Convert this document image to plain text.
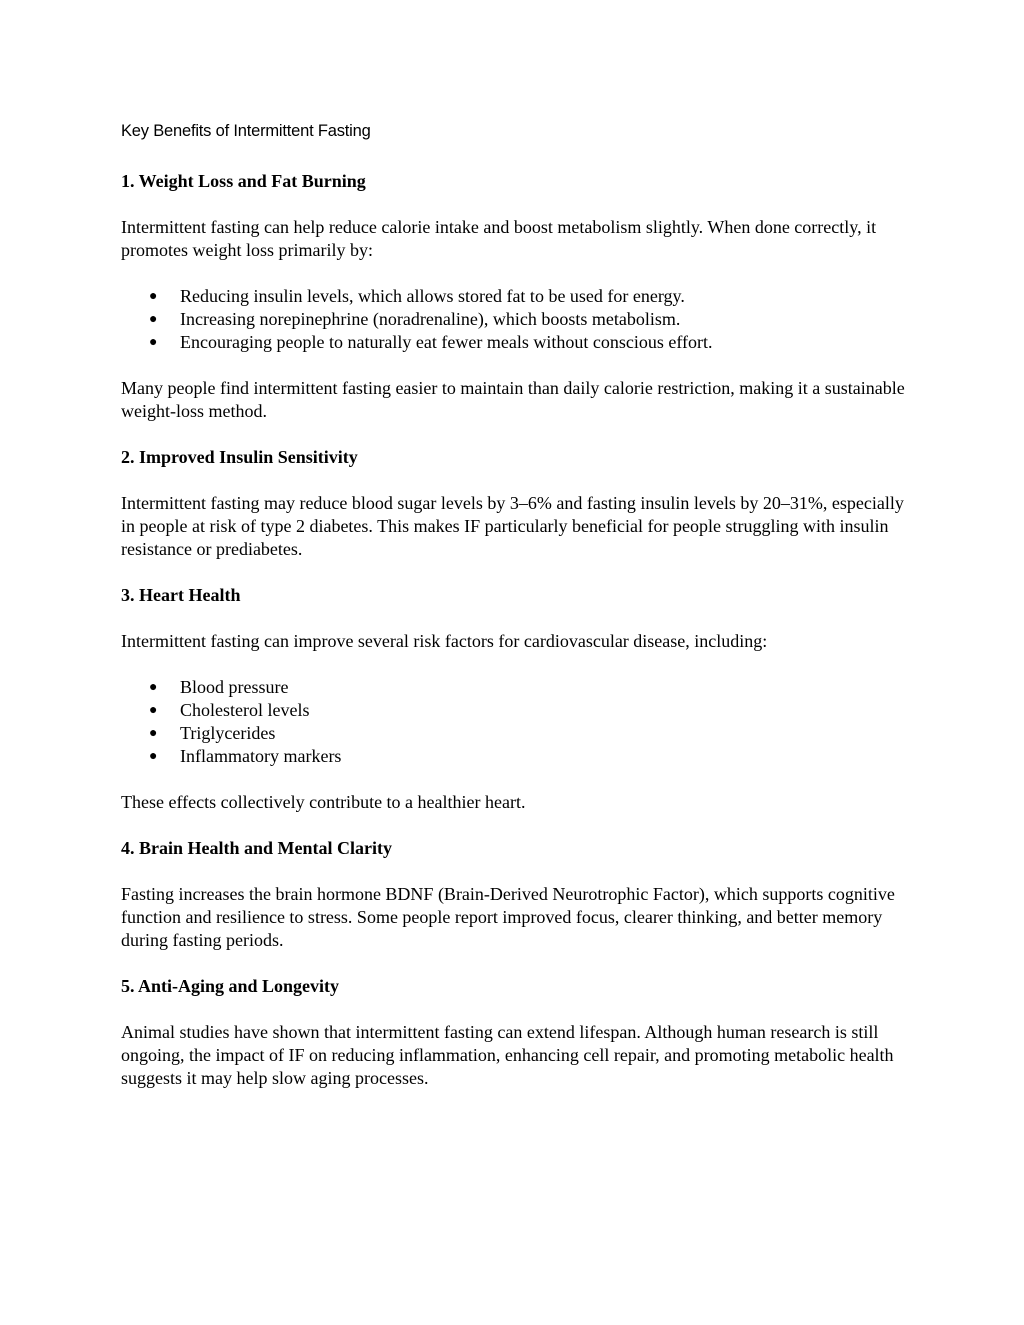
Key Benefits of Intermittent Fasting
1. Weight Loss and Fat Burning

Intermittent fasting can help reduce calorie intake and boost metabolism slightly. When done correctly, it promotes weight loss primarily by:

● Reducing insulin levels, which allows stored fat to be used for energy.
● Increasing norepinephrine (noradrenaline), which boosts metabolism.
● Encouraging people to naturally eat fewer meals without conscious effort.

Many people find intermittent fasting easier to maintain than daily calorie restriction, making it a sustainable weight-loss method.

2. Improved Insulin Sensitivity

Intermittent fasting may reduce blood sugar levels by 3–6% and fasting insulin levels by 20–31%, especially in people at risk of type 2 diabetes. This makes IF particularly beneficial for people struggling with insulin resistance or prediabetes.

3. Heart Health

Intermittent fasting can improve several risk factors for cardiovascular disease, including:

● Blood pressure
● Cholesterol levels
● Triglycerides
● Inflammatory markers

These effects collectively contribute to a healthier heart.

4. Brain Health and Mental Clarity

Fasting increases the brain hormone BDNF (Brain-Derived Neurotrophic Factor), which supports cognitive function and resilience to stress. Some people report improved focus, clearer thinking, and better memory during fasting periods.

5. Anti-Aging and Longevity

Animal studies have shown that intermittent fasting can extend lifespan. Although human research is still ongoing, the impact of IF on reducing inflammation, enhancing cell repair, and promoting metabolic health suggests it may help slow aging processes.
